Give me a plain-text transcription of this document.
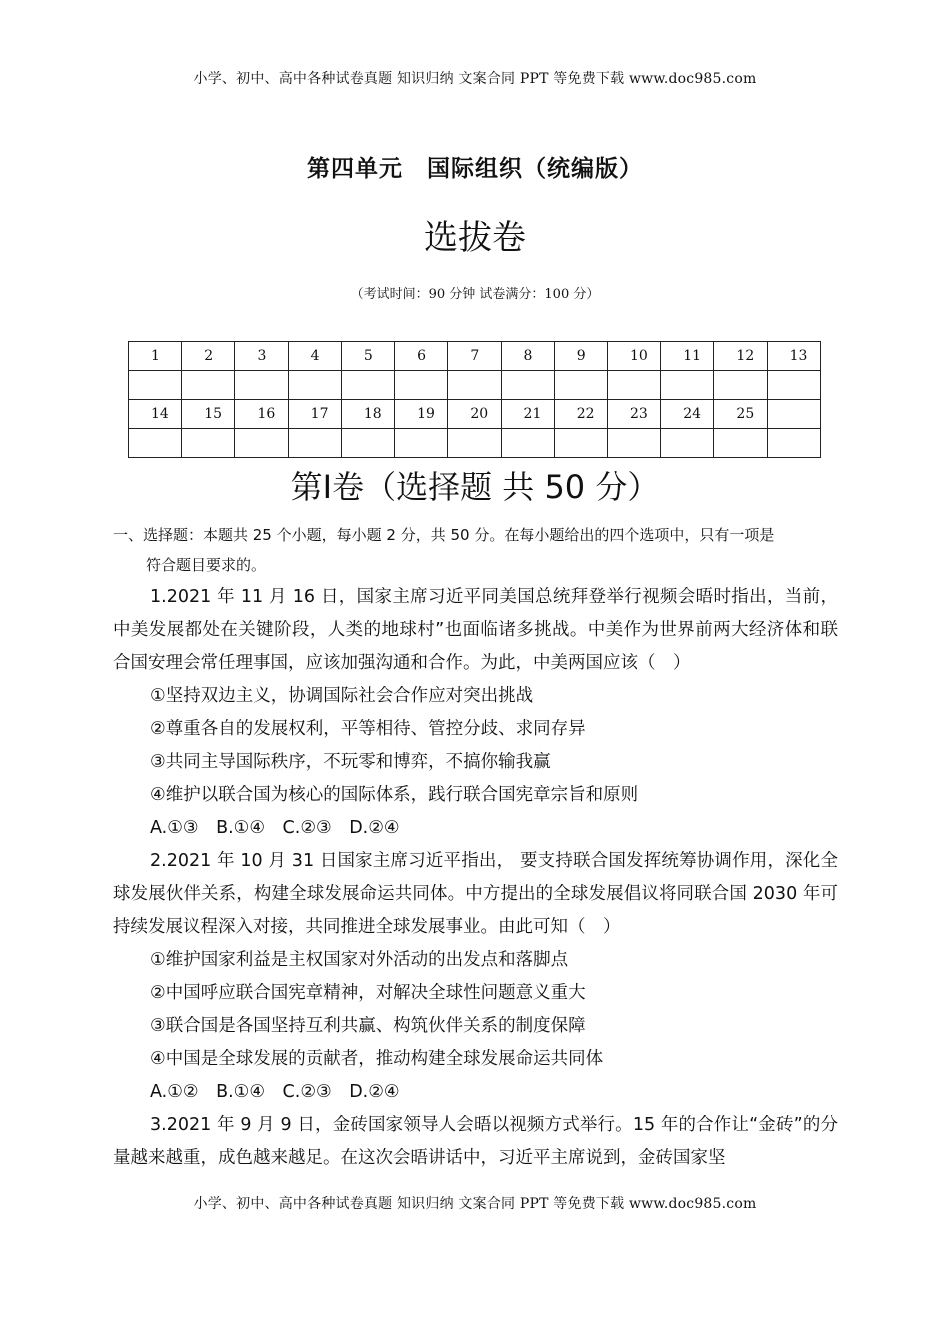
小学、初中、高中各种试卷真题 知识归纳 文案合同 PPT 等免费下载 www.doc985.com
第四单元　国际组织（统编版）
选拔卷
（考试时间：90 分钟 试卷满分：100 分）
1	2	3	4	5	6	7	8	9	10	11	12	13

14	15	16	17	18	19	20	21	22	23	24	25	

第Ⅰ卷（选择题 共 50 分）

一、选择题：本题共 25 个小题，每小题 2 分，共 50 分。在每小题给出的四个选项中，只有一项是

符合题目要求的。

1.2021 年 11 月 16 日，国家主席习近平同美国总统拜登举行视频会晤时指出，当前，中美发展都处在关键阶段，人类的地球村”也面临诸多挑战。中美作为世界前两大经济体和联合国安理会常任理事国，应该加强沟通和合作。为此，中美两国应该（　）

①坚持双边主义，协调国际社会合作应对突出挑战

②尊重各自的发展权利，平等相待、管控分歧、求同存异

③共同主导国际秩序，不玩零和博弈，不搞你输我赢

④维护以联合国为核心的国际体系，践行联合国宪章宗旨和原则

A.①③　B.①④　C.②③　D.②④

2.2021 年 10 月 31 日国家主席习近平指出， 要支持联合国发挥统筹协调作用，深化全球发展伙伴关系，构建全球发展命运共同体。中方提出的全球发展倡议将同联合国 2030 年可持续发展议程深入对接，共同推进全球发展事业。由此可知（　）

①维护国家利益是主权国家对外活动的出发点和落脚点

②中国呼应联合国宪章精神，对解决全球性问题意义重大

③联合国是各国坚持互利共赢、构筑伙伴关系的制度保障

④中国是全球发展的贡献者，推动构建全球发展命运共同体

A.①②　B.①④　C.②③　D.②④

3.2021 年 9 月 9 日，金砖国家领导人会晤以视频方式举行。15 年的合作让“金砖”的分量越来越重，成色越来越足。在这次会晤讲话中，习近平主席说到，金砖国家坚

小学、初中、高中各种试卷真题 知识归纳 文案合同 PPT 等免费下载 www.doc985.com
